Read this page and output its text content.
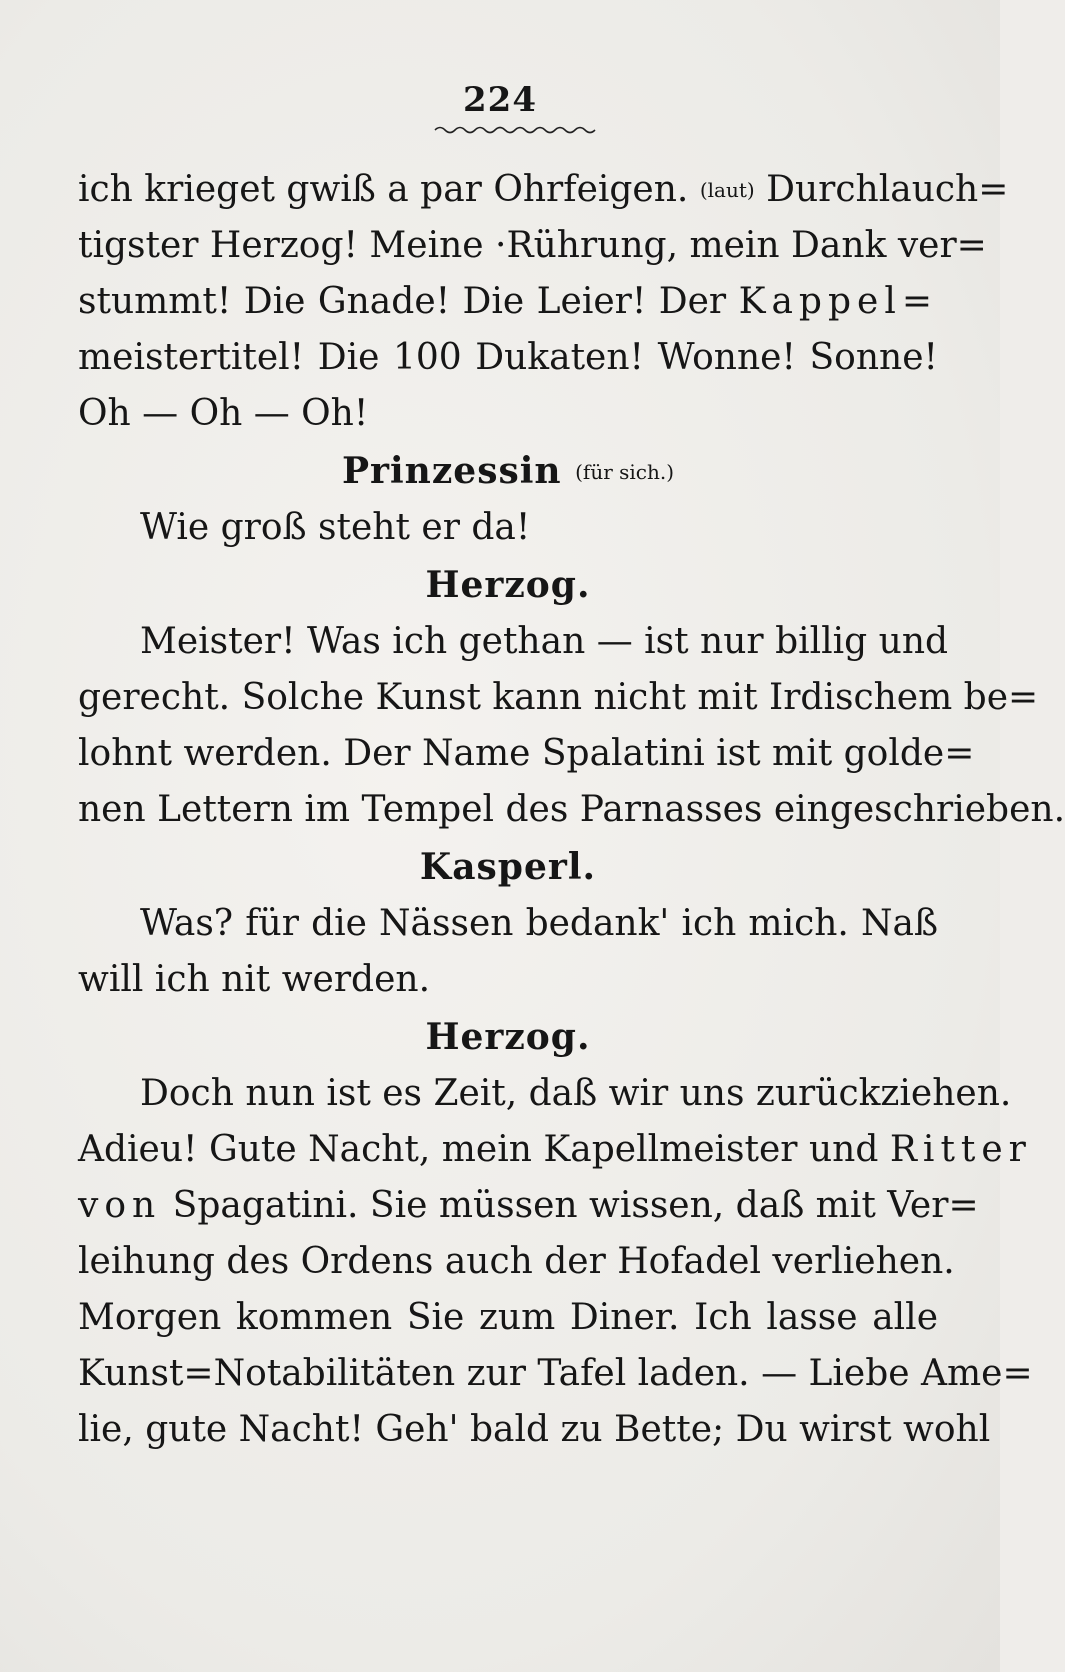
224
ich krieget gwiß a par Ohrfeigen. (laut) Durchlauch=
tigster Herzog! Meine ·Rührung, mein Dank ver=
stummt! Die Gnade! Die Leier! Der Kappel=
meistertitel! Die 100 Dukaten! Wonne! Sonne!
Oh — Oh — Oh!
Prinzessin (für sich.)
Wie groß steht er da!
Herzog.
Meister! Was ich gethan — ist nur billig und
gerecht. Solche Kunst kann nicht mit Irdischem be=
lohnt werden. Der Name Spalatini ist mit golde=
nen Lettern im Tempel des Parnasses eingeschrieben.
Kasperl.
Was? für die Nässen bedank' ich mich. Naß
will ich nit werden.
Herzog.
Doch nun ist es Zeit, daß wir uns zurückziehen.
Adieu! Gute Nacht, mein Kapellmeister und Ritter
von Spagatini. Sie müssen wissen, daß mit Ver=
leihung des Ordens auch der Hofadel verliehen.
Morgen kommen Sie zum Diner. Ich lasse alle
Kunst=Notabilitäten zur Tafel laden. — Liebe Ame=
lie, gute Nacht! Geh' bald zu Bette; Du wirst wohl
